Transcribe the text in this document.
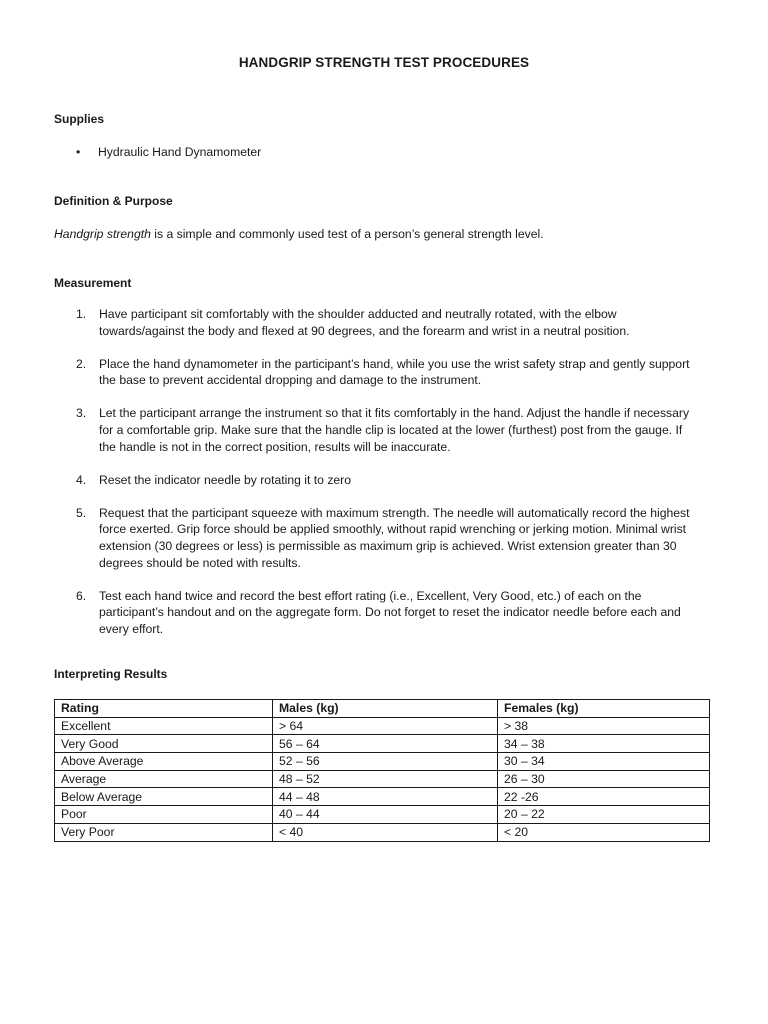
HANDGRIP STRENGTH TEST PROCEDURES
Supplies
•	Hydraulic Hand Dynamometer
Definition & Purpose
Handgrip strength is a simple and commonly used test of a person’s general strength level.
Measurement
1. Have participant sit comfortably with the shoulder adducted and neutrally rotated, with the elbow
towards/against the body and flexed at 90 degrees, and the forearm and wrist in a neutral position.
2. Place the hand dynamometer in the participant’s hand, while you use the wrist safety strap and gently support
the base to prevent accidental dropping and damage to the instrument.
3. Let the participant arrange the instrument so that it fits comfortably in the hand. Adjust the handle if necessary
for a comfortable grip. Make sure that the handle clip is located at the lower (furthest) post from the gauge. If
the handle is not in the correct position, results will be inaccurate.
4. Reset the indicator needle by rotating it to zero
5. Request that the participant squeeze with maximum strength. The needle will automatically record the highest
force exerted. Grip force should be applied smoothly, without rapid wrenching or jerking motion. Minimal wrist
extension (30 degrees or less) is permissible as maximum grip is achieved. Wrist extension greater than 30
degrees should be noted with results.
6. Test each hand twice and record the best effort rating (i.e., Excellent, Very Good, etc.) of each on the
participant’s handout and on the aggregate form. Do not forget to reset the indicator needle before each and
every effort.
Interpreting Results
Rating	Males (kg)	Females (kg)
Excellent	> 64	> 38
Very Good	56 – 64	34 – 38
Above Average	52 – 56	30 – 34
Average	48 – 52	26 – 30
Below Average	44 – 48	22 -26
Poor	40 – 44	20 – 22
Very Poor	< 40	< 20
